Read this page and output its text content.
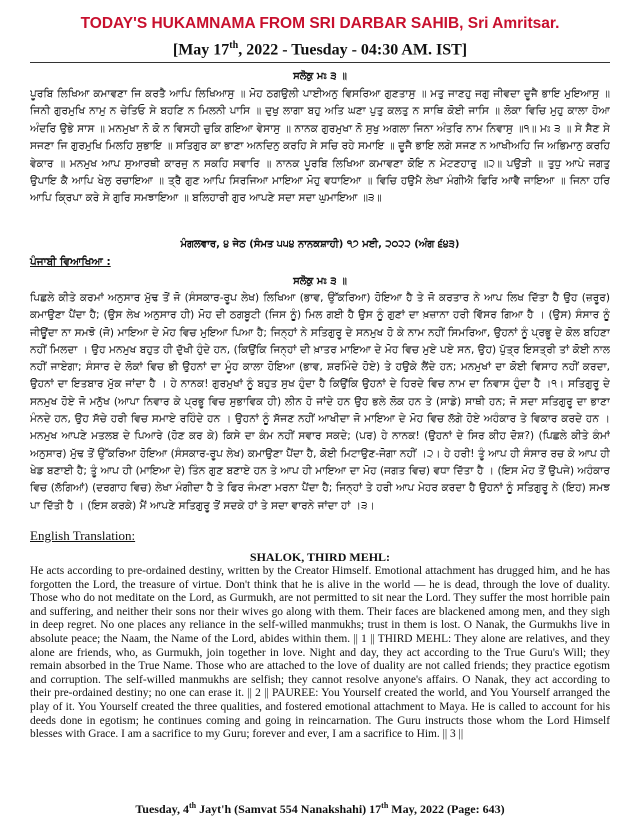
TODAY'S HUKAMNAMA FROM SRI DARBAR SAHIB, Sri Amritsar.
[May 17th, 2022 - Tuesday - 04:30 AM. IST]
ਸਲੋਕੁ ਮਃ ੩ ॥

ਪੂਰਬਿ ਲਿਖਿਆ ਕਮਾਵਣਾ ਜਿ ਕਰਤੈ ਆਪਿ ਲਿਖਿਆਸੁ ॥ ਮੋਹ ਠਗਉਲੀ ਪਾਈਅਨੁ ਵਿਸਰਿਆ ਗੁਣਤਾਸੁ ॥ ਮਤੁ ਜਾਣਹੁ ਜਗੁ ਜੀਵਦਾ ਦੂਜੈ ਭਾਇ ਮੁਇਆਸੁ ॥ ਜਿਨੀ ਗੁਰਮੁਖਿ ਨਾਮੁ ਨ ਚੇਤਿਓ ਸੇ ਬਹਣਿ ਨ ਮਿਲਨੀ ਪਾਸਿ ॥ ਦੁਖੁ ਲਾਗਾ ਬਹੁ ਅਤਿ ਘਣਾ ਪੁਤੁ ਕਲਤੁ ਨ ਸਾਥਿ ਕੋਈ ਜਾਸਿ ॥ ਲੋਕਾ ਵਿਚਿ ਮੁਹੁ ਕਾਲਾ ਹੋਆ ਅੰਦਰਿ ਉਭੇ ਸਾਸ ॥ ਮਨਮੁਖਾ ਨੋ ਕੋ ਨ ਵਿਸਹੀ ਚੁਕਿ ਗਇਆ ਵੇਸਾਸੁ ॥ ਨਾਨਕ ਗੁਰਮੁਖਾ ਨੋ ਸੁਖੁ ਅਗਲਾ ਜਿਨਾ ਅੰਤਰਿ ਨਾਮ ਨਿਵਾਸੁ ॥੧॥ ਮਃ ੩ ॥ ਸੇ ਸੈਣ ਸੇ ਸਜਣਾ ਜਿ ਗੁਰਮੁਖਿ ਮਿਲਹਿ ਸੁਭਾਇ ॥ ਸਤਿਗੁਰ ਕਾ ਭਾਣਾ ਅਨਦਿਨੁ ਕਰਹਿ ਸੇ ਸਚਿ ਰਹੇ ਸਮਾਇ ॥ ਦੂਜੈ ਭਾਇ ਲਗੇ ਸਜਣ ਨ ਆਖੀਅਹਿ ਜਿ ਅਭਿਮਾਨੁ ਕਰਹਿ ਵੇਕਾਰ ॥ ਮਨਮੁਖ ਆਪ ਸੁਆਰਥੀ ਕਾਰਜੁ ਨ ਸਕਹਿ ਸਵਾਰਿ ॥ ਨਾਨਕ ਪੂਰਬਿ ਲਿਖਿਆ ਕਮਾਵਣਾ ਕੋਇ ਨ ਮੇਟਣਹਾਰੁ ॥੨॥ ਪਉੜੀ ॥ ਤੁਧੁ ਆਪੇ ਜਗਤੁ ਉਪਾਇ ਕੈ ਆਪਿ ਖੇਲੁ ਰਚਾਇਆ ॥ ਤ੍ਰੈ ਗੁਣ ਆਪਿ ਸਿਰਜਿਆ ਮਾਇਆ ਮੋਹੁ ਵਧਾਇਆ ॥ ਵਿਚਿ ਹਉਮੈ ਲੇਖਾ ਮੰਗੀਐ ਫਿਰਿ ਆਵੈ ਜਾਇਆ ॥ ਜਿਨਾ ਹਰਿ ਆਪਿ ਕ੍ਰਿਪਾ ਕਰੇ ਸੇ ਗੁਰਿ ਸਮਝਾਇਆ ॥ ਬਲਿਹਾਰੀ ਗੁਰ ਆਪਣੇ ਸਦਾ ਸਦਾ ਘੁਮਾਇਆ ॥੩॥

ਮੰਗਲਵਾਰ, ੪ ਜੇਠ (ਸੰਮਤ ੫੫੪ ਨਾਨਕਸ਼ਾਹੀ) ੧੭ ਮਈ, ੨੦੨੨ (ਅੰਗ ੬੪੩)
ਪੰਜਾਬੀ ਵਿਆਖਿਆ :
ਸਲੋਕੁ ਮਃ ੩ ॥

ਪਿਛਲੇ ਕੀਤੇ ਕਰਮਾਂ ਅਨੁਸਾਰ ਮੁੱਢ ਤੋਂ ਜੋ (ਸੰਸਕਾਰ-ਰੂਪ ਲੇਖ) ਲਿਖਿਆ (ਭਾਵ, ਉੱਕਰਿਆ) ਹੋਇਆ ਹੈ ਤੇ ਜੋ ਕਰਤਾਰ ਨੇ ਆਪ ਲਿਖ ਦਿੱਤਾ ਹੈ ਉਹ (ਜ਼ਰੂਰ) ਕਮਾਉਣਾ ਪੈਂਦਾ ਹੈ; (ਉਸ ਲੇਖ ਅਨੁਸਾਰ ਹੀ) ਮੋਹ ਦੀ ਠਗਬੂਟੀ (ਜਿਸ ਨੂੰ) ਮਿਲ ਗਈ ਹੈ ਉਸ ਨੂੰ ਗੁਣਾਂ ਦਾ ਖ਼ਜ਼ਾਨਾ ਹਰੀ ਵਿੱਸਰ ਗਿਆ ਹੈ । (ਉਸ) ਸੰਸਾਰ ਨੂੰ ਜੀਊਂਦਾ ਨਾ ਸਮਝੋ (ਜੋ) ਮਾਇਆ ਦੇ ਮੋਹ ਵਿਚ ਮੁਇਆ ਪਿਆ ਹੈ; ਜਿਨ੍ਹਾਂ ਨੇ ਸਤਿਗੁਰੂ ਦੇ ਸਨਮੁਖ ਹੋ ਕੇ ਨਾਮ ਨਹੀਂ ਸਿਮਰਿਆ, ਉਹਨਾਂ ਨੂੰ ਪ੍ਰਭੂ ਦੇ ਕੋਲ ਬਹਿਣਾ ਨਹੀਂ ਮਿਲਦਾ । ਉਹ ਮਨਮੁਖ ਬਹੁਤ ਹੀ ਦੁੱਖੀ ਹੁੰਦੇ ਹਨ, (ਕਿਉਂਕਿ ਜਿਨ੍ਹਾਂ ਦੀ ਖ਼ਾਤਰ ਮਾਇਆ ਦੇ ਮੋਹ ਵਿਚ ਮੁਏ ਪਏ ਸਨ, ਉਹ) ਪੁੱਤ੍ਰ ਇਸਤ੍ਰੀ ਤਾਂ ਕੋਈ ਨਾਲ ਨਹੀਂ ਜਾਏਗਾ; ਸੰਸਾਰ ਦੇ ਲੋਕਾਂ ਵਿਚ ਭੀ ਉਹਨਾਂ ਦਾ ਮੂੰਹ ਕਾਲਾ ਹੋਇਆ (ਭਾਵ, ਸ਼ਰਮਿੰਦੇ ਹੋਏ) ਤੇ ਹਉਕੇ ਲੈਂਦੇ ਹਨ; ਮਨਮੁਖਾਂ ਦਾ ਕੋਈ ਵਿਸਾਹ ਨਹੀਂ ਕਰਦਾ, ਉਹਨਾਂ ਦਾ ਇਤਬਾਰ ਮੁੱਕ ਜਾਂਦਾ ਹੈ । ਹੇ ਨਾਨਕ! ਗੁਰਮੁਖਾਂ ਨੂੰ ਬਹੁਤ ਸੁਖ ਹੁੰਦਾ ਹੈ ਕਿਉਂਕਿ ਉਹਨਾਂ ਦੇ ਹਿਰਦੇ ਵਿਚ ਨਾਮ ਦਾ ਨਿਵਾਸ ਹੁੰਦਾ ਹੈ ।੧। ਸਤਿਗੁਰੂ ਦੇ ਸਨਮੁਖ ਹੋਏ ਜੋ ਮਨੁੱਖ (ਆਪਾ ਨਿਵਾਰ ਕੇ ਪ੍ਰਭੂ ਵਿਚ ਸੁਭਾਵਿਕ ਹੀ) ਲੀਨ ਹੋ ਜਾਂਦੇ ਹਨ ਉਹ ਭਲੇ ਲੋਕ ਹਨ ਤੇ (ਸਾਡੇ) ਸਾਥੀ ਹਨ; ਜੋ ਸਦਾ ਸਤਿਗੁਰੂ ਦਾ ਭਾਣਾ ਮੰਨਦੇ ਹਨ, ਉਹ ਸੱਚੇ ਹਰੀ ਵਿਚ ਸਮਾਏ ਰਹਿੰਦੇ ਹਨ । ਉਹਨਾਂ ਨੂੰ ਸੱਜਣ ਨਹੀਂ ਆਖੀਦਾ ਜੋ ਮਾਇਆ ਦੇ ਮੋਹ ਵਿਚ ਲੱਗੇ ਹੋਏ ਅਹੰਕਾਰ ਤੇ ਵਿਕਾਰ ਕਰਦੇ ਹਨ । ਮਨਮੁਖ ਆਪਣੇ ਮਤਲਬ ਦੇ ਪਿਆਰੇ (ਹੋਣ ਕਰ ਕੇ) ਕਿਸੇ ਦਾ ਕੰਮ ਨਹੀਂ ਸਵਾਰ ਸਕਦੇ; (ਪਰ) ਹੇ ਨਾਨਕ! (ਉਹਨਾਂ ਦੇ ਸਿਰ ਕੀਹ ਦੋਸ਼?) (ਪਿਛਲੇ ਕੀਤੇ ਕੰਮਾਂ ਅਨੁਸਾਰ) ਮੁੱਢ ਤੋਂ ਉੱਕਰਿਆ ਹੋਇਆ (ਸੰਸਕਾਰ-ਰੂਪ ਲੇਖ) ਕਮਾਉਣਾ ਪੈਂਦਾ ਹੈ, ਕੋਈ ਮਿਟਾਉਣ-ਜੋਗਾ ਨਹੀਂ ।੨। ਹੇ ਹਰੀ! ਤੂੰ ਆਪ ਹੀ ਸੰਸਾਰ ਰਚ ਕੇ ਆਪ ਹੀ ਖੇਡ ਬਣਾਈ ਹੈ; ਤੂੰ ਆਪ ਹੀ (ਮਾਇਆ ਦੇ) ਤਿੰਨ ਗੁਣ ਬਣਾਏ ਹਨ ਤੇ ਆਪ ਹੀ ਮਾਇਆ ਦਾ ਮੋਹ (ਜਗਤ ਵਿਚ) ਵਧਾ ਦਿੱਤਾ ਹੈ । (ਇਸ ਮੋਹ ਤੋਂ ਉਪਜੇ) ਅਹੰਕਾਰ ਵਿਚ (ਲੱਗਿਆਂ) (ਦਰਗਾਹ ਵਿਚ) ਲੇਖਾ ਮੰਗੀਦਾ ਹੈ ਤੇ ਫਿਰ ਜੰਮਣਾ ਮਰਨਾ ਪੈਂਦਾ ਹੈ; ਜਿਨ੍ਹਾਂ ਤੇ ਹਰੀ ਆਪ ਮੇਹਰ ਕਰਦਾ ਹੈ ਉਹਨਾਂ ਨੂੰ ਸਤਿਗੁਰੂ ਨੇ (ਇਹ) ਸਮਝ ਪਾ ਦਿੱਤੀ ਹੈ । (ਇਸ ਕਰਕੇ) ਮੈਂ ਆਪਣੇ ਸਤਿਗੁਰੂ ਤੋਂ ਸਦਕੇ ਹਾਂ ਤੇ ਸਦਾ ਵਾਰਨੇ ਜਾਂਦਾ ਹਾਂ ।੩।

English Translation:
SHALOK, THIRD MEHL:

He acts according to pre-ordained destiny, written by the Creator Himself. Emotional attachment has drugged him, and he has forgotten the Lord, the treasure of virtue. Don't think that he is alive in the world — he is dead, through the love of duality. Those who do not meditate on the Lord, as Gurmukh, are not permitted to sit near the Lord. They suffer the most horrible pain and suffering, and neither their sons nor their wives go along with them. Their faces are blackened among men, and they sigh in deep regret. No one places any reliance in the self-willed manmukhs; trust in them is lost. O Nanak, the Gurmukhs live in absolute peace; the Naam, the Name of the Lord, abides within them. || 1 || THIRD MEHL: They alone are relatives, and they alone are friends, who, as Gurmukh, join together in love. Night and day, they act according to the True Guru's Will; they remain absorbed in the True Name. Those who are attached to the love of duality are not called friends; they practice egotism and corruption. The self-willed manmukhs are selfish; they cannot resolve anyone's affairs. O Nanak, they act according to their pre-ordained destiny; no one can erase it. || 2 || PAUREE: You Yourself created the world, and You Yourself arranged the play of it. You Yourself created the three qualities, and fostered emotional attachment to Maya. He is called to account for his deeds done in egotism; he continues coming and going in reincarnation. The Guru instructs those whom the Lord Himself blesses with Grace. I am a sacrifice to my Guru; forever and ever, I am a sacrifice to Him. || 3 ||

Tuesday, 4th Jayt'h (Samvat 554 Nanakshahi) 17th May, 2022 (Page: 643)
